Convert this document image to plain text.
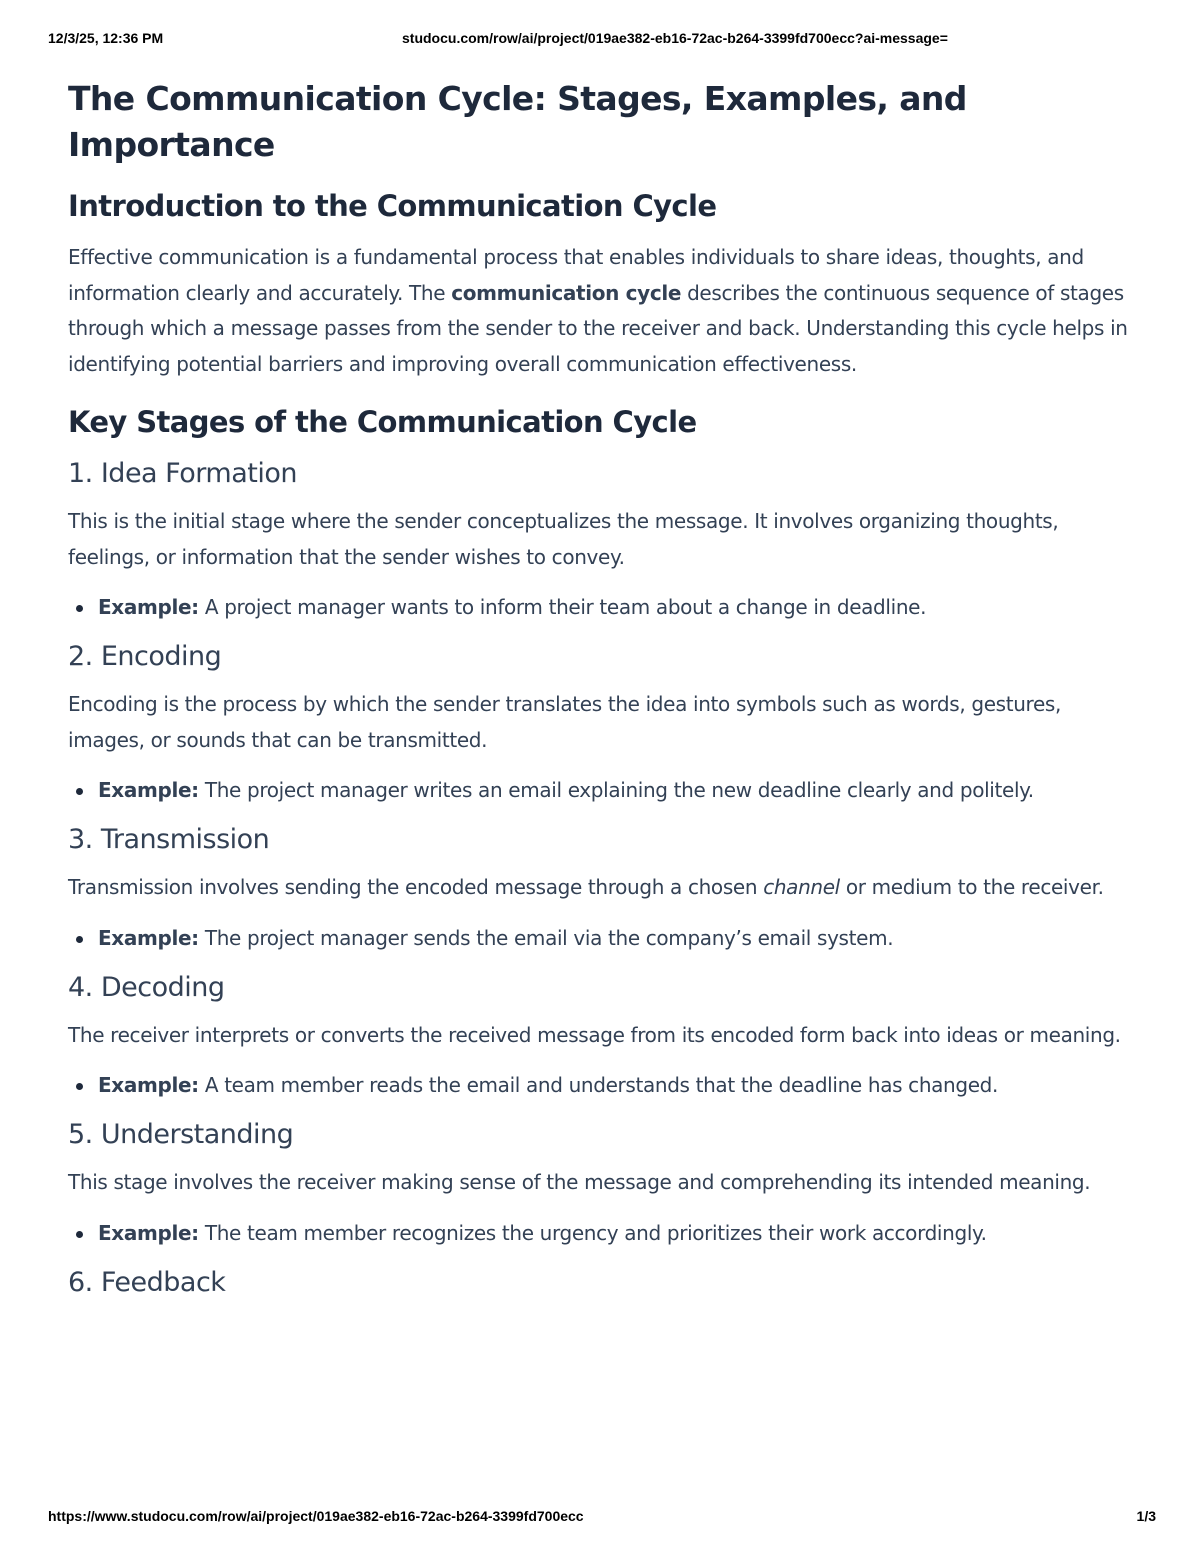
12/3/25, 12:36 PM	studocu.com/row/ai/project/019ae382-eb16-72ac-b264-3399fd700ecc?ai-message=
The Communication Cycle: Stages, Examples, and Importance
Introduction to the Communication Cycle

Effective communication is a fundamental process that enables individuals to share ideas, thoughts, and information clearly and accurately. The communication cycle describes the continuous sequence of stages through which a message passes from the sender to the receiver and back. Understanding this cycle helps in identifying potential barriers and improving overall communication effectiveness.

Key Stages of the Communication Cycle
1. Idea Formation

This is the initial stage where the sender conceptualizes the message. It involves organizing thoughts, feelings, or information that the sender wishes to convey.

Example: A project manager wants to inform their team about a change in deadline.
2. Encoding

Encoding is the process by which the sender translates the idea into symbols such as words, gestures, images, or sounds that can be transmitted.

Example: The project manager writes an email explaining the new deadline clearly and politely.
3. Transmission

Transmission involves sending the encoded message through a chosen channel or medium to the receiver.

Example: The project manager sends the email via the company’s email system.
4. Decoding

The receiver interprets or converts the received message from its encoded form back into ideas or meaning.

Example: A team member reads the email and understands that the deadline has changed.
5. Understanding

This stage involves the receiver making sense of the message and comprehending its intended meaning.

Example: The team member recognizes the urgency and prioritizes their work accordingly.
6. Feedback
https://www.studocu.com/row/ai/project/019ae382-eb16-72ac-b264-3399fd700ecc	1/3
